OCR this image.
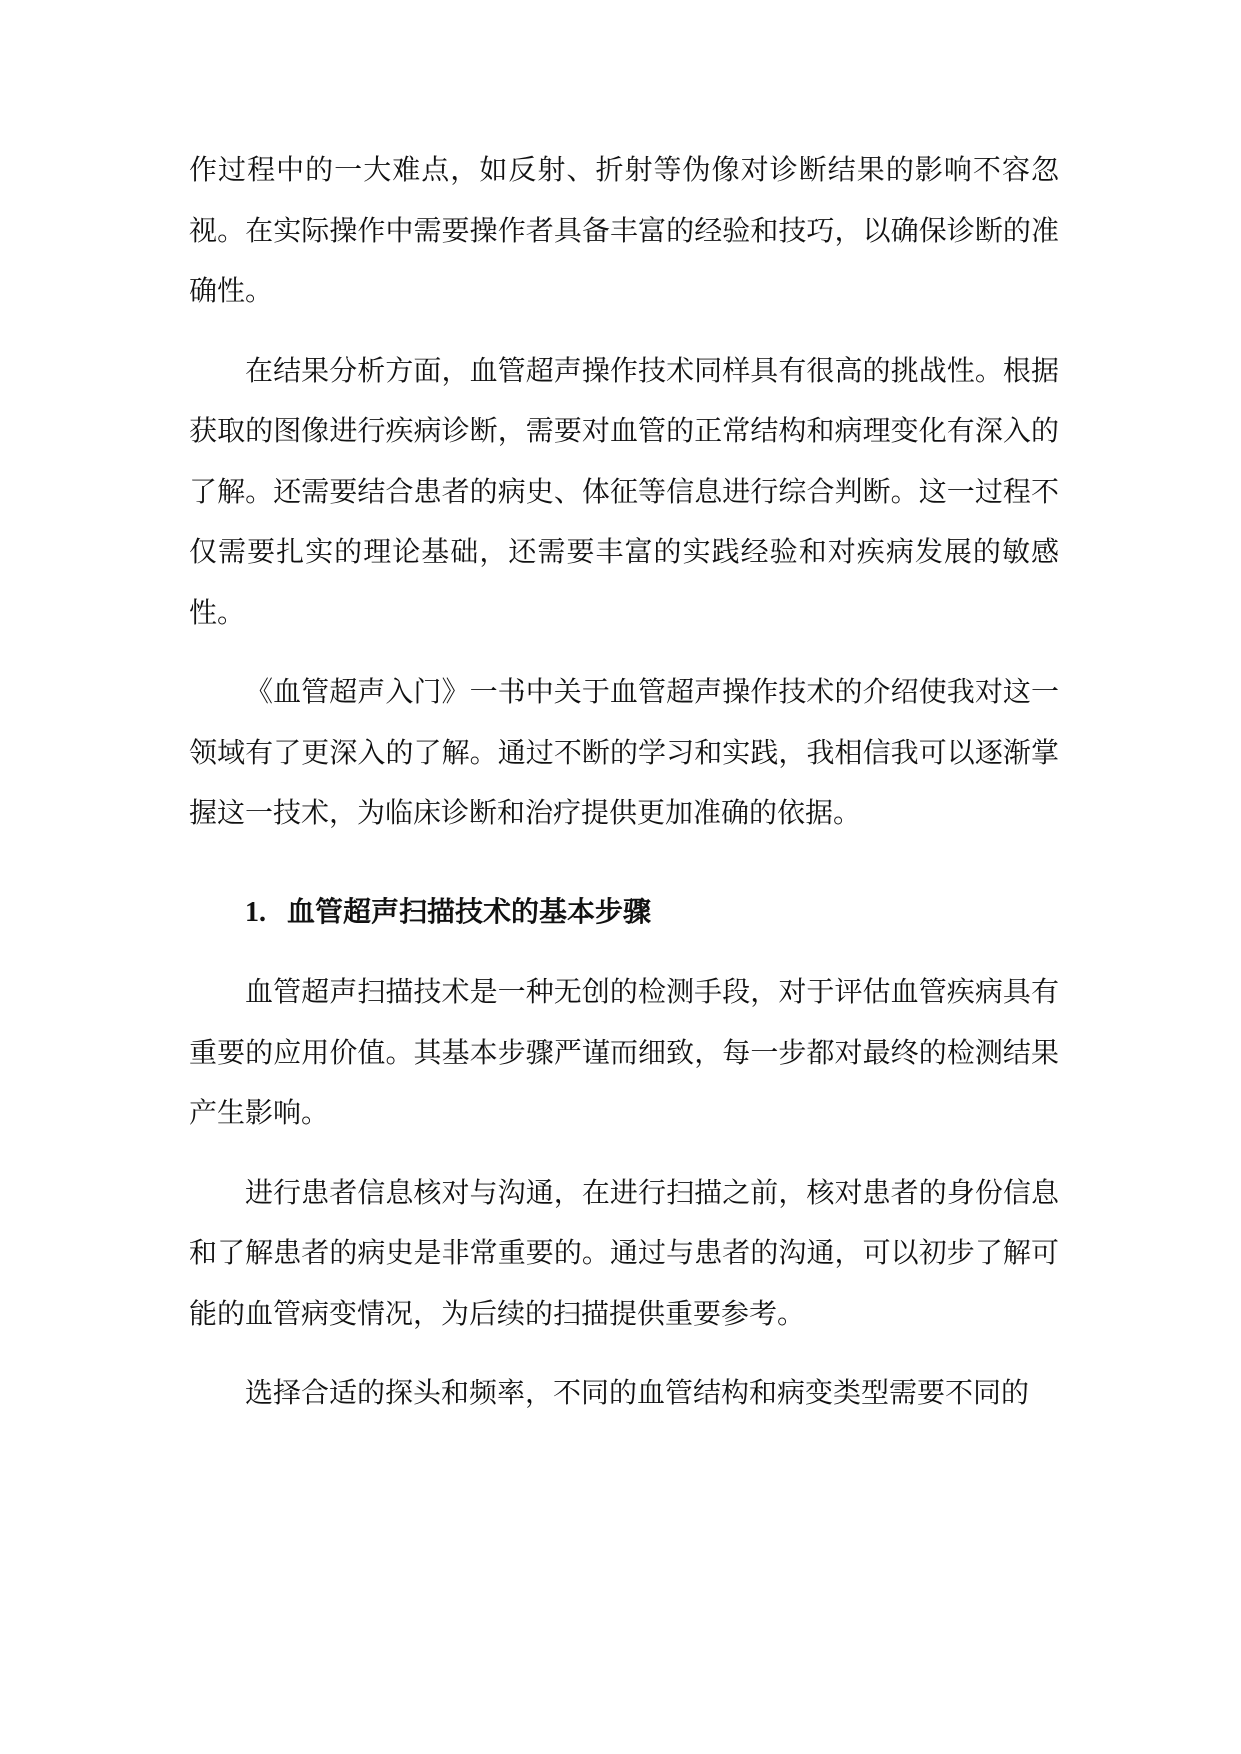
作过程中的一大难点，如反射、折射等伪像对诊断结果的影响不容忽视。在实际操作中需要操作者具备丰富的经验和技巧，以确保诊断的准确性。

在结果分析方面，血管超声操作技术同样具有很高的挑战性。根据获取的图像进行疾病诊断，需要对血管的正常结构和病理变化有深入的了解。还需要结合患者的病史、体征等信息进行综合判断。这一过程不仅需要扎实的理论基础，还需要丰富的实践经验和对疾病发展的敏感性。

《血管超声入门》一书中关于血管超声操作技术的介绍使我对这一领域有了更深入的了解。通过不断的学习和实践，我相信我可以逐渐掌握这一技术，为临床诊断和治疗提供更加准确的依据。

1. 血管超声扫描技术的基本步骤

血管超声扫描技术是一种无创的检测手段，对于评估血管疾病具有重要的应用价值。其基本步骤严谨而细致，每一步都对最终的检测结果产生影响。

进行患者信息核对与沟通，在进行扫描之前，核对患者的身份信息和了解患者的病史是非常重要的。通过与患者的沟通，可以初步了解可能的血管病变情况，为后续的扫描提供重要参考。

选择合适的探头和频率，不同的血管结构和病变类型需要不同的
